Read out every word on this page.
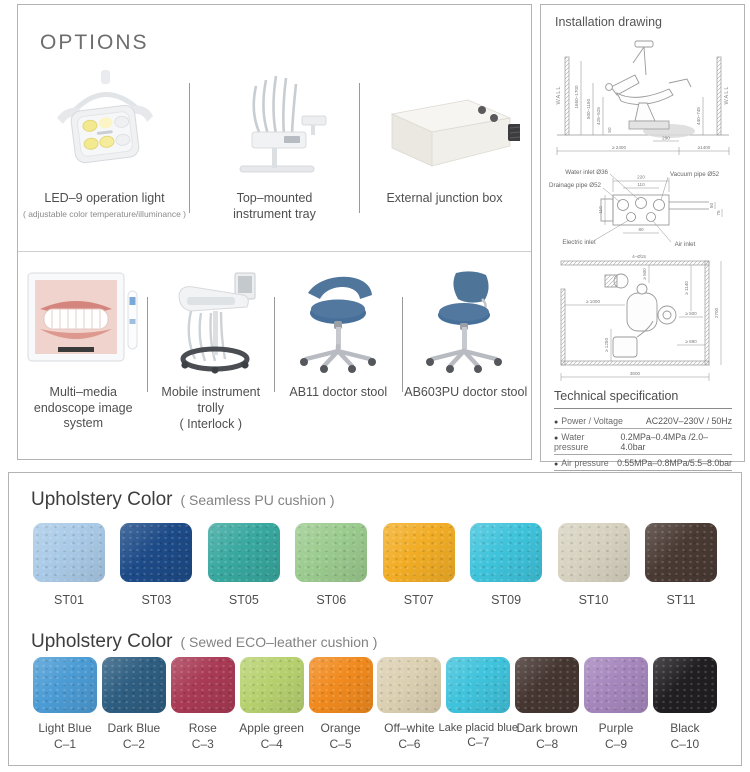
OPTIONS
LED–9 operation light
( adjustable color temperature/illuminance )
Top–mounted instrument tray
External junction box
Multi–media endoscope image system
Mobile instrument trolly
( Interlock )
AB11 doctor stool AB603PU doctor stool
Installation drawing
WALL	WALL
1650–1700
500–1150 425–525	440–745
50
290
≥ 2400	≥1400
220
110
110
80
50
75
Water inlet Ø36	Vacuum pipe Ø52
Drainage pipe Ø52
Electric inlet	Air inlet
4–Ø15
≥ 500
≥ 1140
≥ 1000
≥ 500
≥ 690
≥ 1250
3600
2700
Technical specification
● Power / Voltage	AC220V–230V / 50Hz
● Water pressure
0.2MPa–0.4MPa /2.0–4.0bar
● Air pressure 0.55MPa–0.8MPa/5.5–8.0bar
Upholstery Color ( Seamless PU cushion )
ST01	ST03	ST05	ST06	ST07	ST09	ST10	ST11
Upholstery Color ( Sewed ECO–leather cushion )
Light Blue
C–1
Dark Blue
C–2
Rose
C–3
Apple green
C–4
Orange
C–5
Off–white
C–6
Lake placid blue
C–7
Dark brown
C–8
Purple
C–9
Black
C–10
